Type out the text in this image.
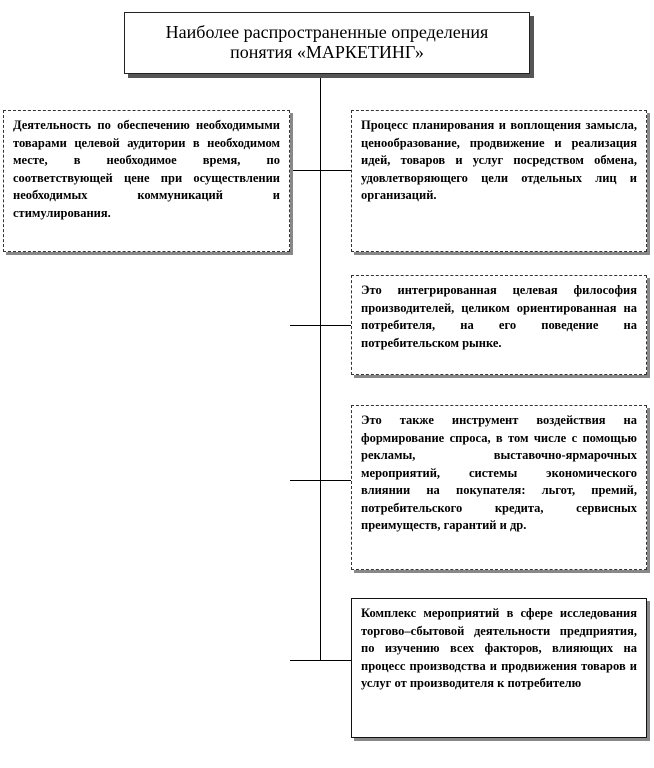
Наиболее распространенные определения
понятия «МАРКЕТИНГ»
Деятельность по обеспечению необходимыми товарами целевой аудитории в необходимом месте, в необходимое время, по соответствующей цене при осуществлении необходимых коммуникаций и стимулирования.
Процесс планирования и воплощения замысла, ценообразование, продвижение и реализация идей, товаров и услуг посредством обмена, удовлетворяющего цели отдельных лиц и организаций.
Это интегрированная целевая философия производителей, целиком ориентированная на потребителя, на его поведение на потребительском рынке.
Это также инструмент воздействия на формирование спроса, в том числе с помощью рекламы, выставочно-ярмарочных мероприятий, системы экономического влиянии на покупателя: льгот, премий, потребительского кредита, сервисных преимуществ, гарантий и др.
Комплекс мероприятий в сфере исследования торгово–сбытовой деятельности предприятия, по изучению всех факторов, влияющих на процесс производства и продвижения товаров и услуг от производителя к потребителю
